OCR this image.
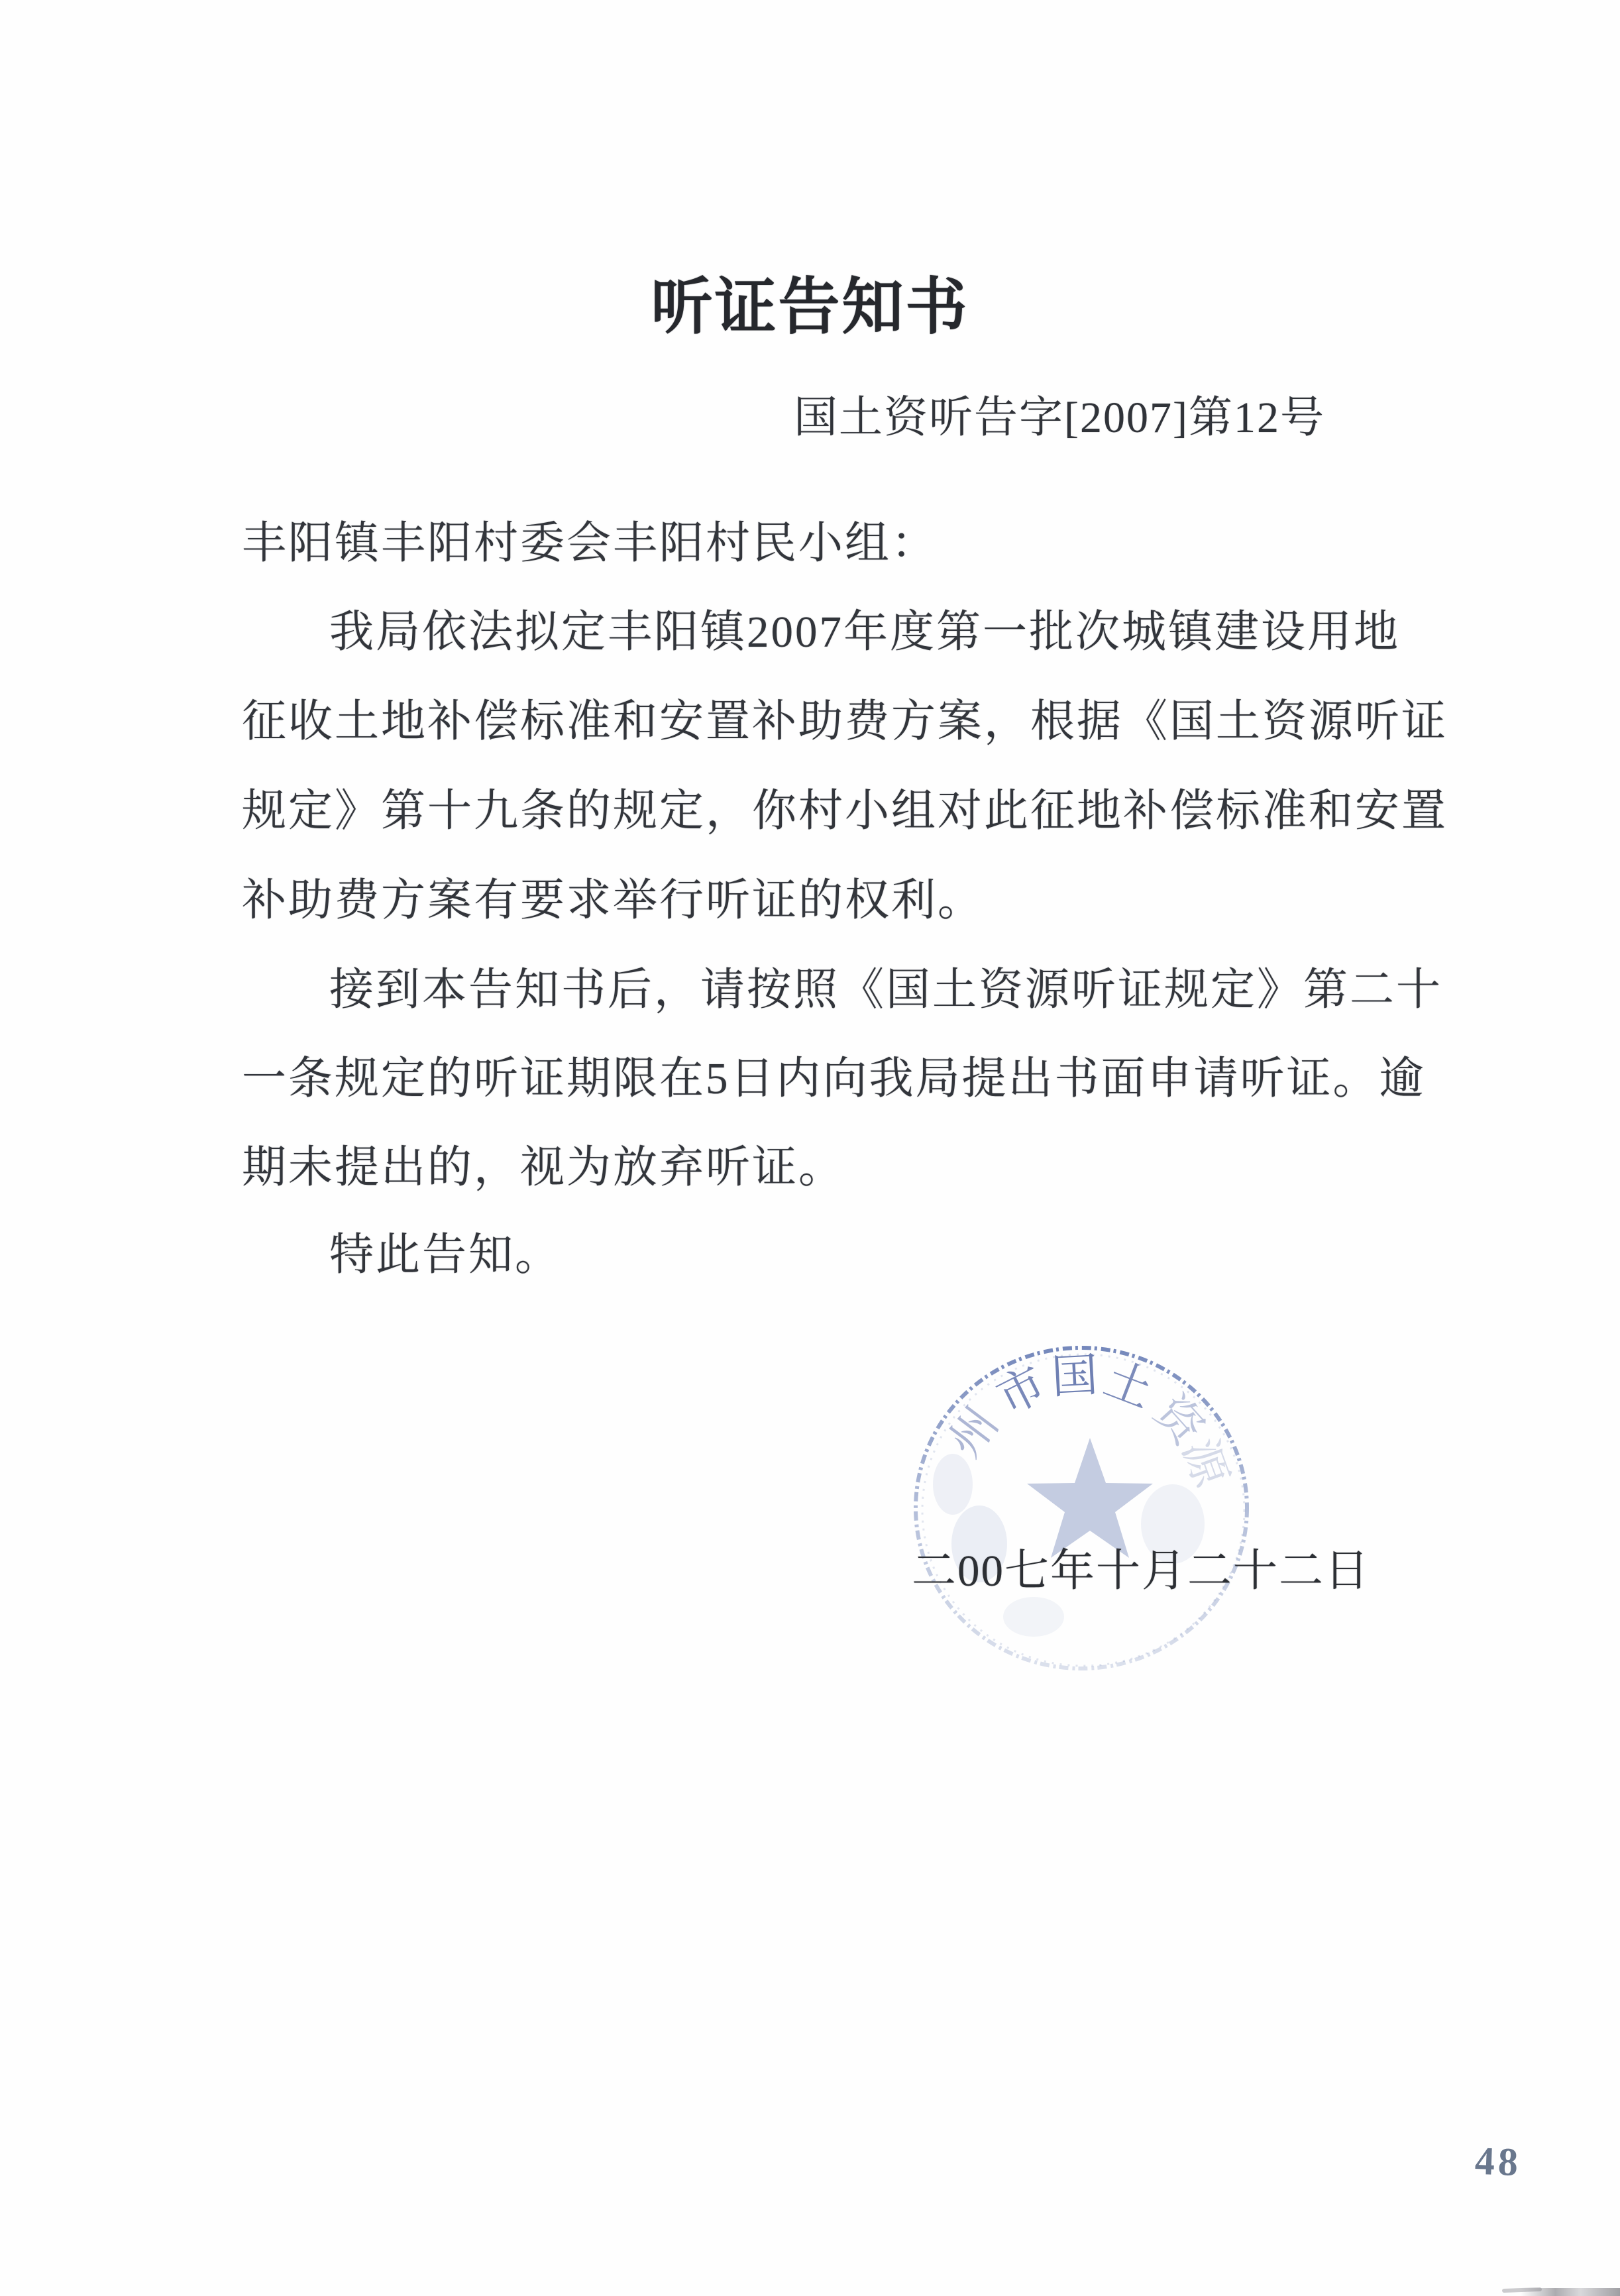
听证告知书
国土资听告字[2007]第12号
丰阳镇丰阳村委会丰阳村民小组：
我局依法拟定丰阳镇2007年度第一批次城镇建设用地
征收土地补偿标准和安置补助费方案，根据《国土资源听证
规定》第十九条的规定，你村小组对此征地补偿标准和安置
补助费方案有要求举行听证的权利。
接到本告知书后，请按照《国土资源听证规定》第二十
一条规定的听证期限在5日内向我局提出书面申请听证。逾
期未提出的，视为放弃听证。
特此告知。
州
市
国
土
资
源
二00七年十月二十二日
48
